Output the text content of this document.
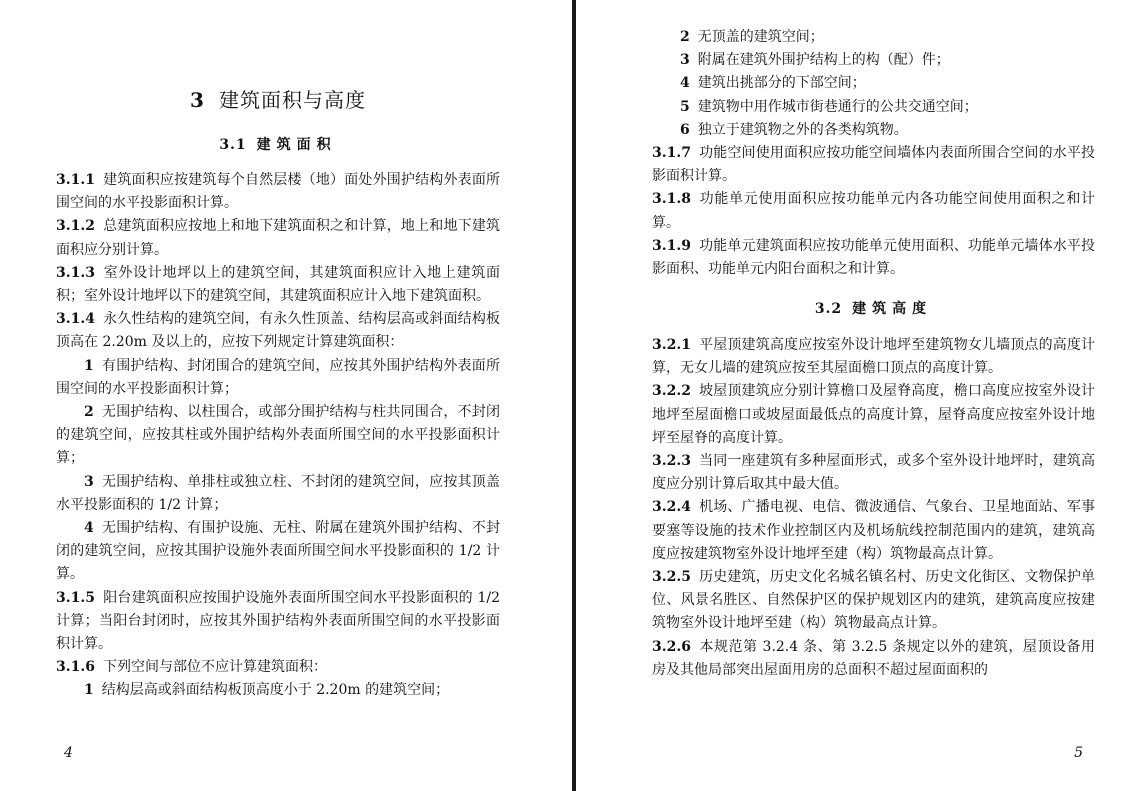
3 建筑面积与高度
3.1 建筑面积

3.1.1 建筑面积应按建筑每个自然层楼（地）面处外围护结构外表面所围空间的水平投影面积计算。

3.1.2 总建筑面积应按地上和地下建筑面积之和计算，地上和地下建筑面积应分别计算。

3.1.3 室外设计地坪以上的建筑空间，其建筑面积应计入地上建筑面积；室外设计地坪以下的建筑空间，其建筑面积应计入地下建筑面积。

3.1.4 永久性结构的建筑空间，有永久性顶盖、结构层高或斜面结构板顶高在 2.20m 及以上的，应按下列规定计算建筑面积：

1 有围护结构、封闭围合的建筑空间，应按其外围护结构外表面所围空间的水平投影面积计算；

2 无围护结构、以柱围合，或部分围护结构与柱共同围合，不封闭的建筑空间，应按其柱或外围护结构外表面所围空间的水平投影面积计算；

3 无围护结构、单排柱或独立柱、不封闭的建筑空间，应按其顶盖水平投影面积的 1/2 计算；

4 无围护结构、有围护设施、无柱、附属在建筑外围护结构、不封闭的建筑空间，应按其围护设施外表面所围空间水平投影面积的 1/2 计算。

3.1.5 阳台建筑面积应按围护设施外表面所围空间水平投影面积的 1/2 计算；当阳台封闭时，应按其外围护结构外表面所围空间的水平投影面积计算。

3.1.6 下列空间与部位不应计算建筑面积：

1 结构层高或斜面结构板顶高度小于 2.20m 的建筑空间；

4

2 无顶盖的建筑空间；

3 附属在建筑外围护结构上的构（配）件；

4 建筑出挑部分的下部空间；

5 建筑物中用作城市街巷通行的公共交通空间；

6 独立于建筑物之外的各类构筑物。

3.1.7 功能空间使用面积应按功能空间墙体内表面所围合空间的水平投影面积计算。

3.1.8 功能单元使用面积应按功能单元内各功能空间使用面积之和计算。

3.1.9 功能单元建筑面积应按功能单元使用面积、功能单元墙体水平投影面积、功能单元内阳台面积之和计算。

3.2 建筑高度

3.2.1 平屋顶建筑高度应按室外设计地坪至建筑物女儿墙顶点的高度计算，无女儿墙的建筑应按至其屋面檐口顶点的高度计算。

3.2.2 坡屋顶建筑应分别计算檐口及屋脊高度，檐口高度应按室外设计地坪至屋面檐口或坡屋面最低点的高度计算，屋脊高度应按室外设计地坪至屋脊的高度计算。

3.2.3 当同一座建筑有多种屋面形式，或多个室外设计地坪时，建筑高度应分别计算后取其中最大值。

3.2.4 机场、广播电视、电信、微波通信、气象台、卫星地面站、军事要塞等设施的技术作业控制区内及机场航线控制范围内的建筑，建筑高度应按建筑物室外设计地坪至建（构）筑物最高点计算。

3.2.5 历史建筑，历史文化名城名镇名村、历史文化街区、文物保护单位、风景名胜区、自然保护区的保护规划区内的建筑，建筑高度应按建筑物室外设计地坪至建（构）筑物最高点计算。

3.2.6 本规范第 3.2.4 条、第 3.2.5 条规定以外的建筑，屋顶设备用房及其他局部突出屋面用房的总面积不超过屋面面积的

5
